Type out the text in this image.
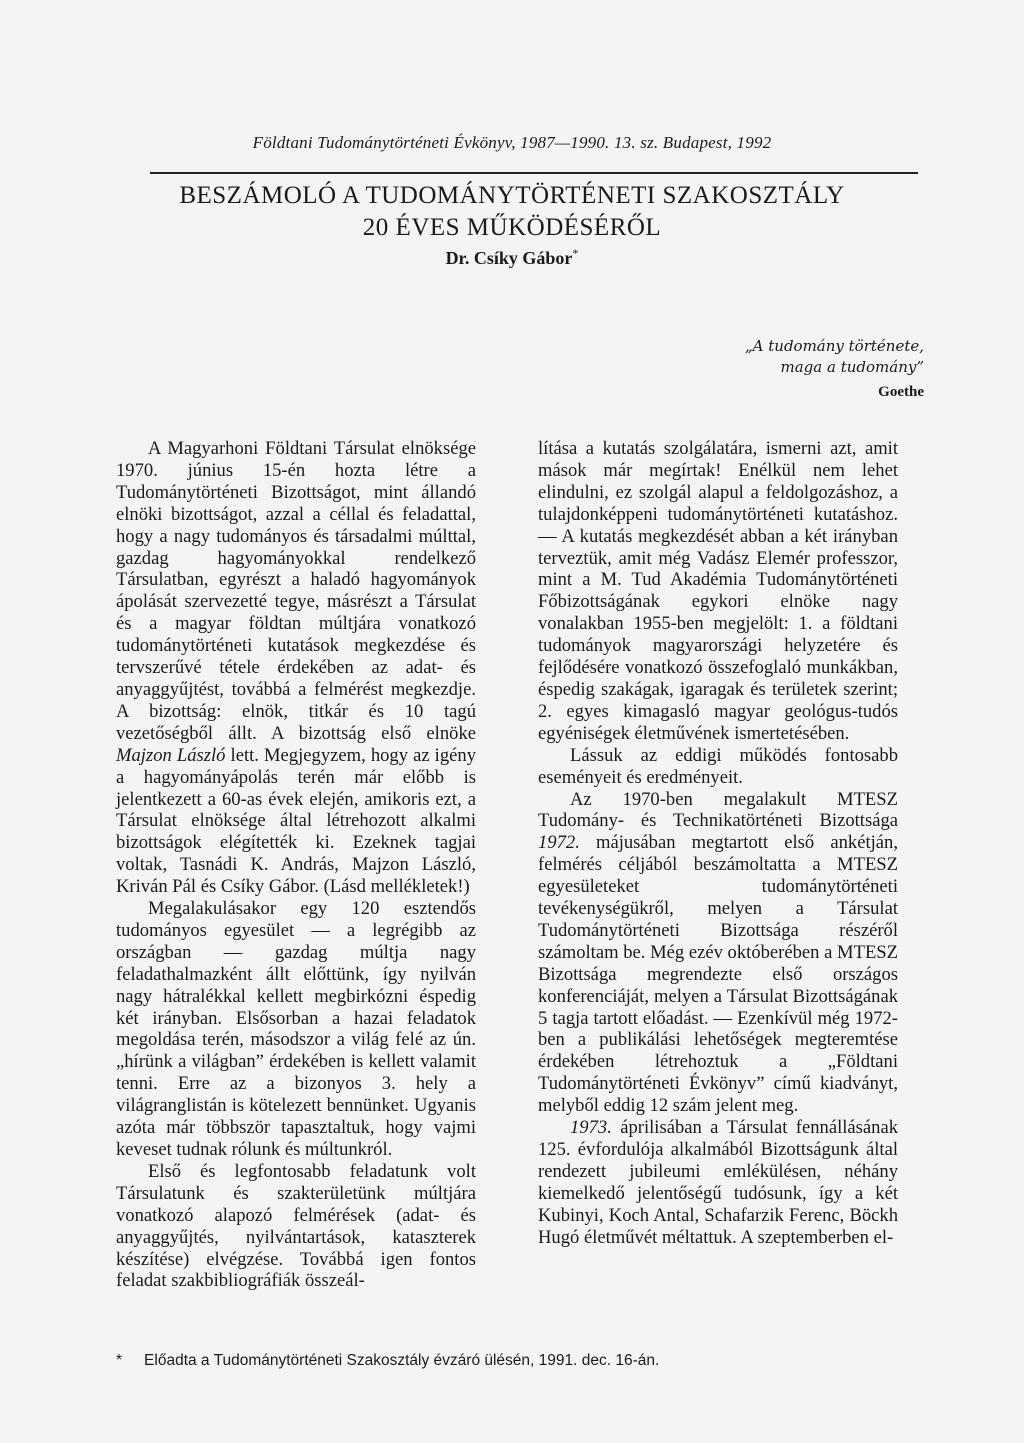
Földtani Tudománytörténeti Évkönyv, 1987—1990. 13. sz. Budapest, 1992
BESZÁMOLÓ A TUDOMÁNYTÖRTÉNETI SZAKOSZTÁLY
20 ÉVES MŰKÖDÉSÉRŐL
Dr. Csíky Gábor*
„A tudomány története,
maga a tudomány”
Goethe

A Magyarhoni Földtani Társulat elnöksége 1970. június 15-én hozta létre a Tudománytörténeti Bizottságot, mint állandó elnöki bizottságot, azzal a céllal és feladattal, hogy a nagy tudományos és társadalmi múlttal, gazdag hagyományokkal rendelkező Társulatban, egyrészt a haladó hagyományok ápolását szervezetté tegye, másrészt a Társulat és a magyar földtan múltjára vonatkozó tudománytörténeti kutatások megkezdése és tervszerűvé tétele érdekében az adat- és anyaggyűjtést, továbbá a felmérést megkezdje. A bizottság: elnök, titkár és 10 tagú vezetőségből állt. A bizottság első elnöke Majzon László lett. Megjegyzem, hogy az igény a hagyományápolás terén már előbb is jelentkezett a 60-as évek elején, amikoris ezt, a Társulat elnöksége által létrehozott alkalmi bizottságok elégítették ki. Ezeknek tagjai voltak, Tasnádi K. András, Majzon László, Kriván Pál és Csíky Gábor. (Lásd mellékletek!)

Megalakulásakor egy 120 esztendős tudományos egyesület — a legrégibb az országban — gazdag múltja nagy feladathalmazként állt előttünk, így nyilván nagy hátralékkal kellett megbirkózni éspedig két irányban. Elsősorban a hazai feladatok megoldása terén, másodszor a világ felé az ún. „hírünk a világban” érdekében is kellett valamit tenni. Erre az a bizonyos 3. hely a világranglistán is kötelezett bennünket. Ugyanis azóta már többször tapasztaltuk, hogy vajmi keveset tudnak rólunk és múltunkról.

Első és legfontosabb feladatunk volt Társulatunk és szakterületünk múltjára vonatkozó alapozó felmérések (adat- és anyaggyűjtés, nyilvántartások, kataszterek készítése) elvégzése. Továbbá igen fontos feladat szakbibliográfiák összeál-

lítása a kutatás szolgálatára, ismerni azt, amit mások már megírtak! Enélkül nem lehet elindulni, ez szolgál alapul a feldolgozáshoz, a tulajdonképpeni tudománytörténeti kutatáshoz. — A kutatás megkezdését abban a két irányban terveztük, amit még Vadász Elemér professzor, mint a M. Tud Akadémia Tudománytörténeti Főbizottságának egykori elnöke nagy vonalakban 1955-ben megjelölt: 1. a földtani tudományok magyarországi helyzetére és fejlődésére vonatkozó összefoglaló munkákban, éspedig szakágak, igaragak és területek szerint; 2. egyes kimagasló magyar geológus-tudós egyéniségek életművének ismertetésében.

Lássuk az eddigi működés fontosabb eseményeit és eredményeit.

Az 1970-ben megalakult MTESZ Tudomány- és Technikatörténeti Bizottsága 1972. májusában megtartott első ankétján, felmérés céljából beszámoltatta a MTESZ egyesületeket tudománytörténeti tevékenységükről, melyen a Társulat Tudománytörténeti Bizottsága részéről számoltam be. Még ezév októberében a MTESZ Bizottsága megrendezte első országos konferenciáját, melyen a Társulat Bizottságának 5 tagja tartott előadást. — Ezenkívül még 1972-ben a publikálási lehetőségek megteremtése érdekében létrehoztuk a „Földtani Tudománytörténeti Évkönyv” című kiadványt, melyből eddig 12 szám jelent meg.

1973. áprilisában a Társulat fennállásának 125. évfordulója alkalmából Bizottságunk által rendezett jubileumi emlékülésen, néhány kiemelkedő jelentőségű tudósunk, így a két Kubinyi, Koch Antal, Schafarzik Ferenc, Böckh Hugó életművét méltattuk. A szeptemberben el-

* Előadta a Tudománytörténeti Szakosztály évzáró ülésén, 1991. dec. 16-án.
